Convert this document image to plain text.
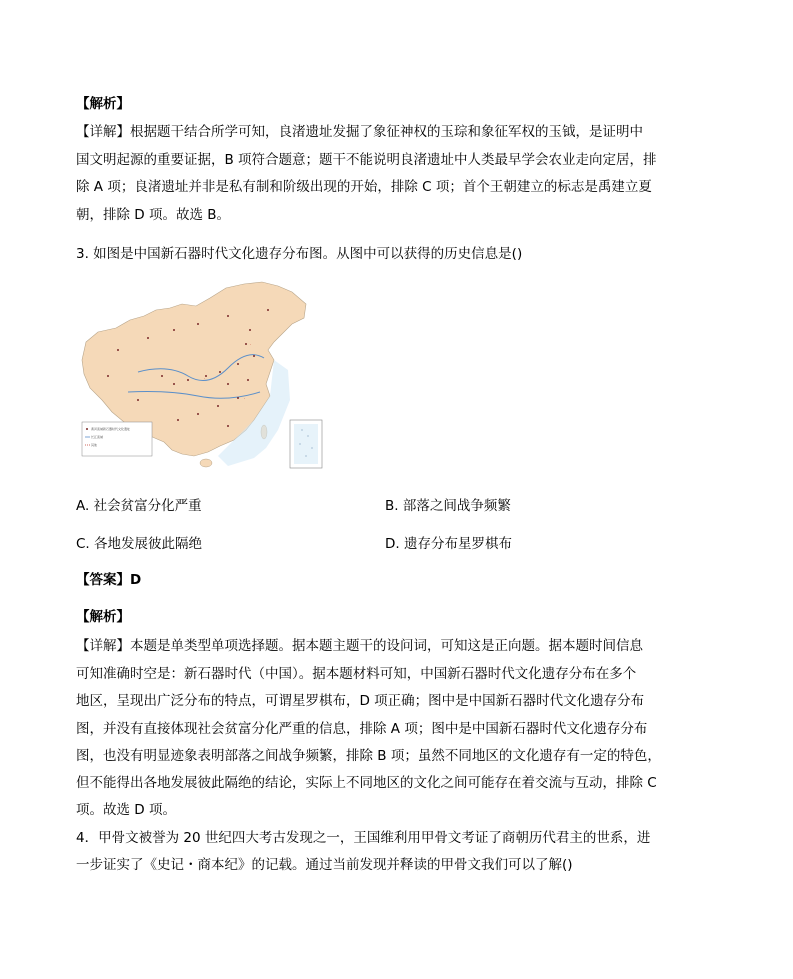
【解析】
【详解】根据题干结合所学可知，良渚遗址发掘了象征神权的玉琮和象征军权的玉钺，是证明中
国文明起源的重要证据，B 项符合题意；题干不能说明良渚遗址中人类最早学会农业走向定居，排
除 A 项；良渚遗址并非是私有制和阶级出现的开始，排除 C 项；首个王朝建立的标志是禹建立夏
朝，排除 D 项。故选 B。
3. 如图是中国新石器时代文化遗存分布图。从图中可以获得的历史信息是()
·
·
·
黄河流域新石器时代文化遗址
长江流域
其他
A. 社会贫富分化严重	B. 部落之间战争频繁
C. 各地发展彼此隔绝	D. 遗存分布星罗棋布
【答案】D
【解析】
【详解】本题是单类型单项选择题。据本题主题干的设问词，可知这是正向题。据本题时间信息
可知准确时空是：新石器时代（中国）。据本题材料可知，中国新石器时代文化遗存分布在多个
地区，呈现出广泛分布的特点，可谓星罗棋布，D 项正确；图中是中国新石器时代文化遗存分布
图，并没有直接体现社会贫富分化严重的信息，排除 A 项；图中是中国新石器时代文化遗存分布
图，也没有明显迹象表明部落之间战争频繁，排除 B 项；虽然不同地区的文化遗存有一定的特色，
但不能得出各地发展彼此隔绝的结论，实际上不同地区的文化之间可能存在着交流与互动，排除 C
项。故选 D 项。
4．甲骨文被誉为 20 世纪四大考古发现之一，王国维利用甲骨文考证了商朝历代君主的世系，进
一步证实了《史记・商本纪》的记载。通过当前发现并释读的甲骨文我们可以了解()
